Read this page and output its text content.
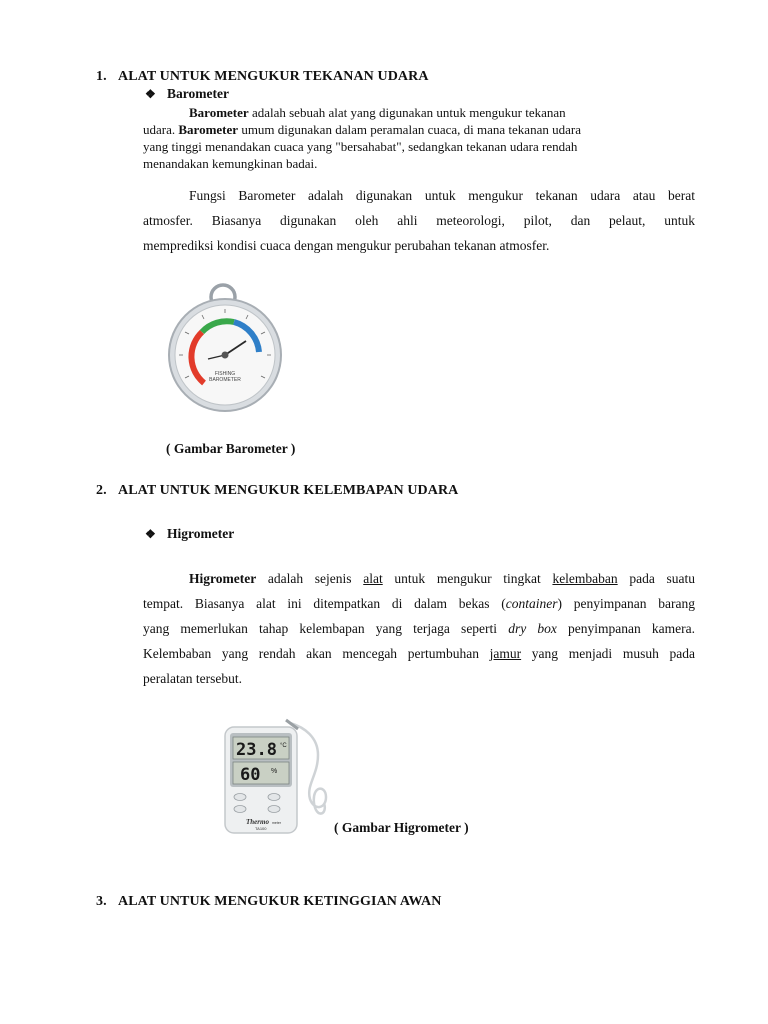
1. ALAT UNTUK MENGUKUR TEKANAN UDARA
❖ Barometer
Barometer adalah sebuah alat yang digunakan untuk mengukur tekanan
udara. Barometer umum digunakan dalam peramalan cuaca, di mana tekanan udara
yang tinggi menandakan cuaca yang "bersahabat", sedangkan tekanan udara rendah
menandakan kemungkinan badai.
Fungsi Barometer adalah digunakan untuk mengukur tekanan udara atau berat
atmosfer. Biasanya digunakan oleh ahli meteorologi, pilot, dan pelaut, untuk
memprediksi kondisi cuaca dengan mengukur perubahan tekanan atmosfer.
FISHING
BAROMETER
( Gambar Barometer )
2. ALAT UNTUK MENGUKUR KELEMBAPAN UDARA
❖ Higrometer
Higrometer adalah sejenis alat untuk mengukur tingkat kelembaban pada suatu
tempat. Biasanya alat ini ditempatkan di dalam bekas (container) penyimpanan barang
yang memerlukan tahap kelembapan yang terjaga seperti dry box penyimpanan kamera.
Kelembaban yang rendah akan mencegah pertumbuhan jamur yang menjadi musuh pada
peralatan tersebut.
23.8 °C
60 %
Thermo meter
TA100	( Gambar Higrometer )
3. ALAT UNTUK MENGUKUR KETINGGIAN AWAN
